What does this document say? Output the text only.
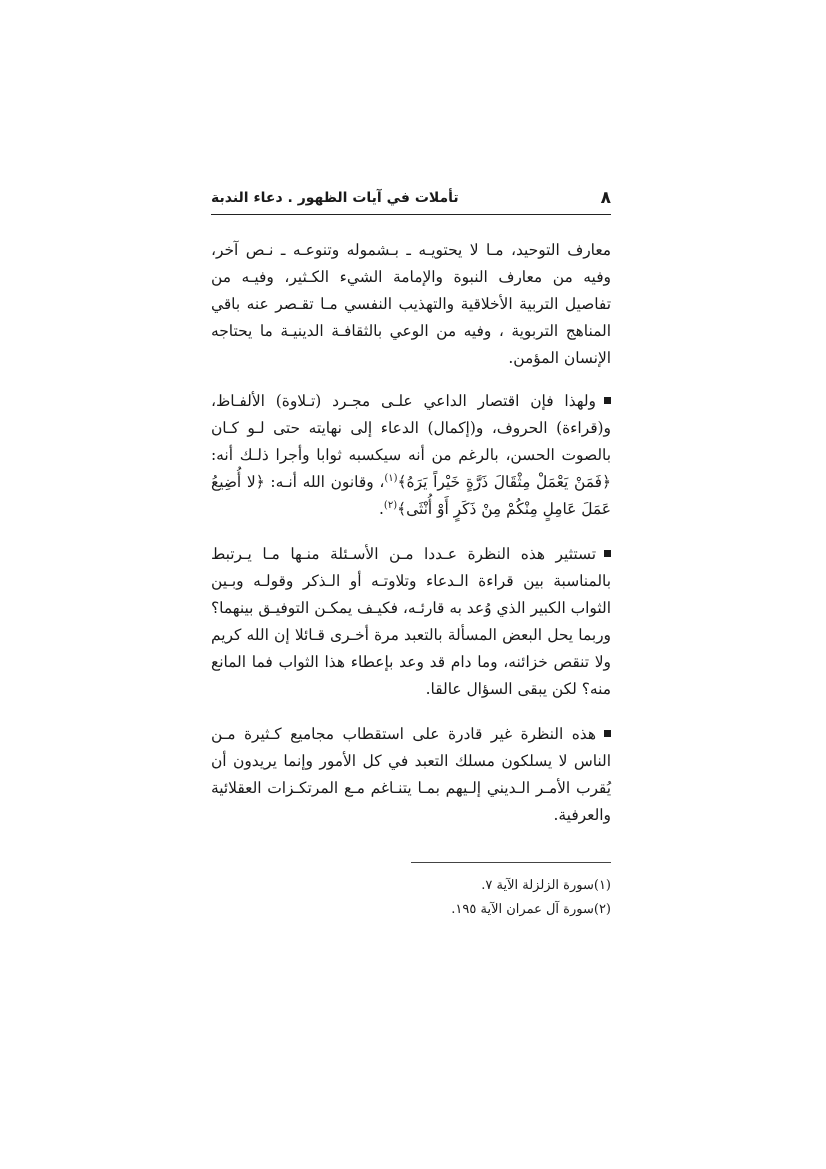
٨
تأملات في آيات الظهور . دعاء الندبة

معارف التوحيد، مـا لا يحتويـه ـ بـشموله وتنوعـه ـ نـص آخر، وفيه من معارف النبوة والإمامة الشيء الكـثير، وفيـه من تفاصيل التربية الأخلاقية والتهذيب النفسي مـا تقـصر عنه باقي المناهج التربوية ، وفيه من الوعي بالثقافـة الدينيـة ما يحتاجه الإنسان المؤمن.

ولهذا فإن اقتصار الداعي علـى مجـرد (تـلاوة) الألفـاظ، و(قراءة) الحروف، و(إكمال) الدعاء إلى نهايته حتى لـو كـان بالصوت الحسن، بالرغم من أنه سيكسبه ثوابا وأجرا ذلـك أنه: ﴿فَمَنْ يَعْمَلْ مِثْقَالَ ذَرَّةٍ خَيْراً يَرَهُ﴾$^{(١)}$، وقانون الله أنـه: ﴿لا أُضِيعُ عَمَلَ عَامِلٍ مِنْكُمْ مِنْ ذَكَرٍ أَوْ أُنْثَى﴾$^{(٢)}$.

تستثير هذه النظرة عـددا مـن الأسـئلة منـها مـا يـرتبط بالمناسبة بين قراءة الـدعاء وتلاوتـه أو الـذكر وقولـه وبـين الثواب الكبير الذي وُعد به قارئـه، فكيـف يمكـن التوفيـق بينهما؟ وربما يحل البعض المسألة بالتعبد مرة أخـرى قـائلا إن الله كريم ولا تنقص خزائنه، وما دام قد وعد بإعطاء هذا الثواب فما المانع منه؟ لكن يبقى السؤال عالقا.

هذه النظرة غير قادرة على استقطاب مجاميع كـثيرة مـن الناس لا يسلكون مسلك التعبد في كل الأمور وإنما يريدون أن يُقرب الأمـر الـديني إلـيهم بمـا يتنـاغم مـع المرتكـزات العقلائية والعرفية.

(١)سورة الزلزلة الآية ٧.

(٢)سورة آل عمران الآية ١٩٥.
